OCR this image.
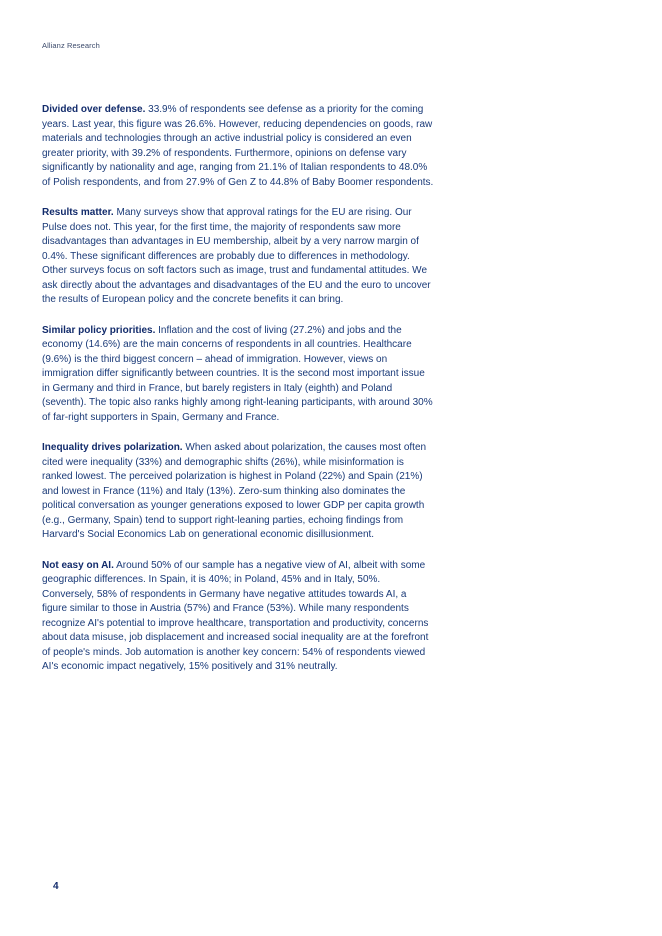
Allianz Research

Divided over defense. 33.9% of respondents see defense as a priority for the coming years. Last year, this figure was 26.6%. However, reducing dependencies on goods, raw materials and technologies through an active industrial policy is considered an even greater priority, with 39.2% of respondents. Furthermore, opinions on defense vary significantly by nationality and age, ranging from 21.1% of Italian respondents to 48.0% of Polish respondents, and from 27.9% of Gen Z to 44.8% of Baby Boomer respondents.

Results matter. Many surveys show that approval ratings for the EU are rising. Our Pulse does not. This year, for the first time, the majority of respondents saw more disadvantages than advantages in EU membership, albeit by a very narrow margin of 0.4%. These significant differences are probably due to differences in methodology. Other surveys focus on soft factors such as image, trust and fundamental attitudes. We ask directly about the advantages and disadvantages of the EU and the euro to uncover the results of European policy and the concrete benefits it can bring.

Similar policy priorities. Inflation and the cost of living (27.2%) and jobs and the economy (14.6%) are the main concerns of respondents in all countries. Healthcare (9.6%) is the third biggest concern – ahead of immigration. However, views on immigration differ significantly between countries. It is the second most important issue in Germany and third in France, but barely registers in Italy (eighth) and Poland (seventh). The topic also ranks highly among right-leaning participants, with around 30% of far-right supporters in Spain, Germany and France.

Inequality drives polarization. When asked about polarization, the causes most often cited were inequality (33%) and demographic shifts (26%), while misinformation is ranked lowest. The perceived polarization is highest in Poland (22%) and Spain (21%) and lowest in France (11%) and Italy (13%). Zero-sum thinking also dominates the political conversation as younger generations exposed to lower GDP per capita growth (e.g., Germany, Spain) tend to support right-leaning parties, echoing findings from Harvard's Social Economics Lab on generational economic disillusionment.

Not easy on AI. Around 50% of our sample has a negative view of AI, albeit with some geographic differences. In Spain, it is 40%; in Poland, 45% and in Italy, 50%. Conversely, 58% of respondents in Germany have negative attitudes towards AI, a figure similar to those in Austria (57%) and France (53%). While many respondents recognize AI's potential to improve healthcare, transportation and productivity, concerns about data misuse, job displacement and increased social inequality are at the forefront of people's minds. Job automation is another key concern: 54% of respondents viewed AI's economic impact negatively, 15% positively and 31% neutrally.

4
